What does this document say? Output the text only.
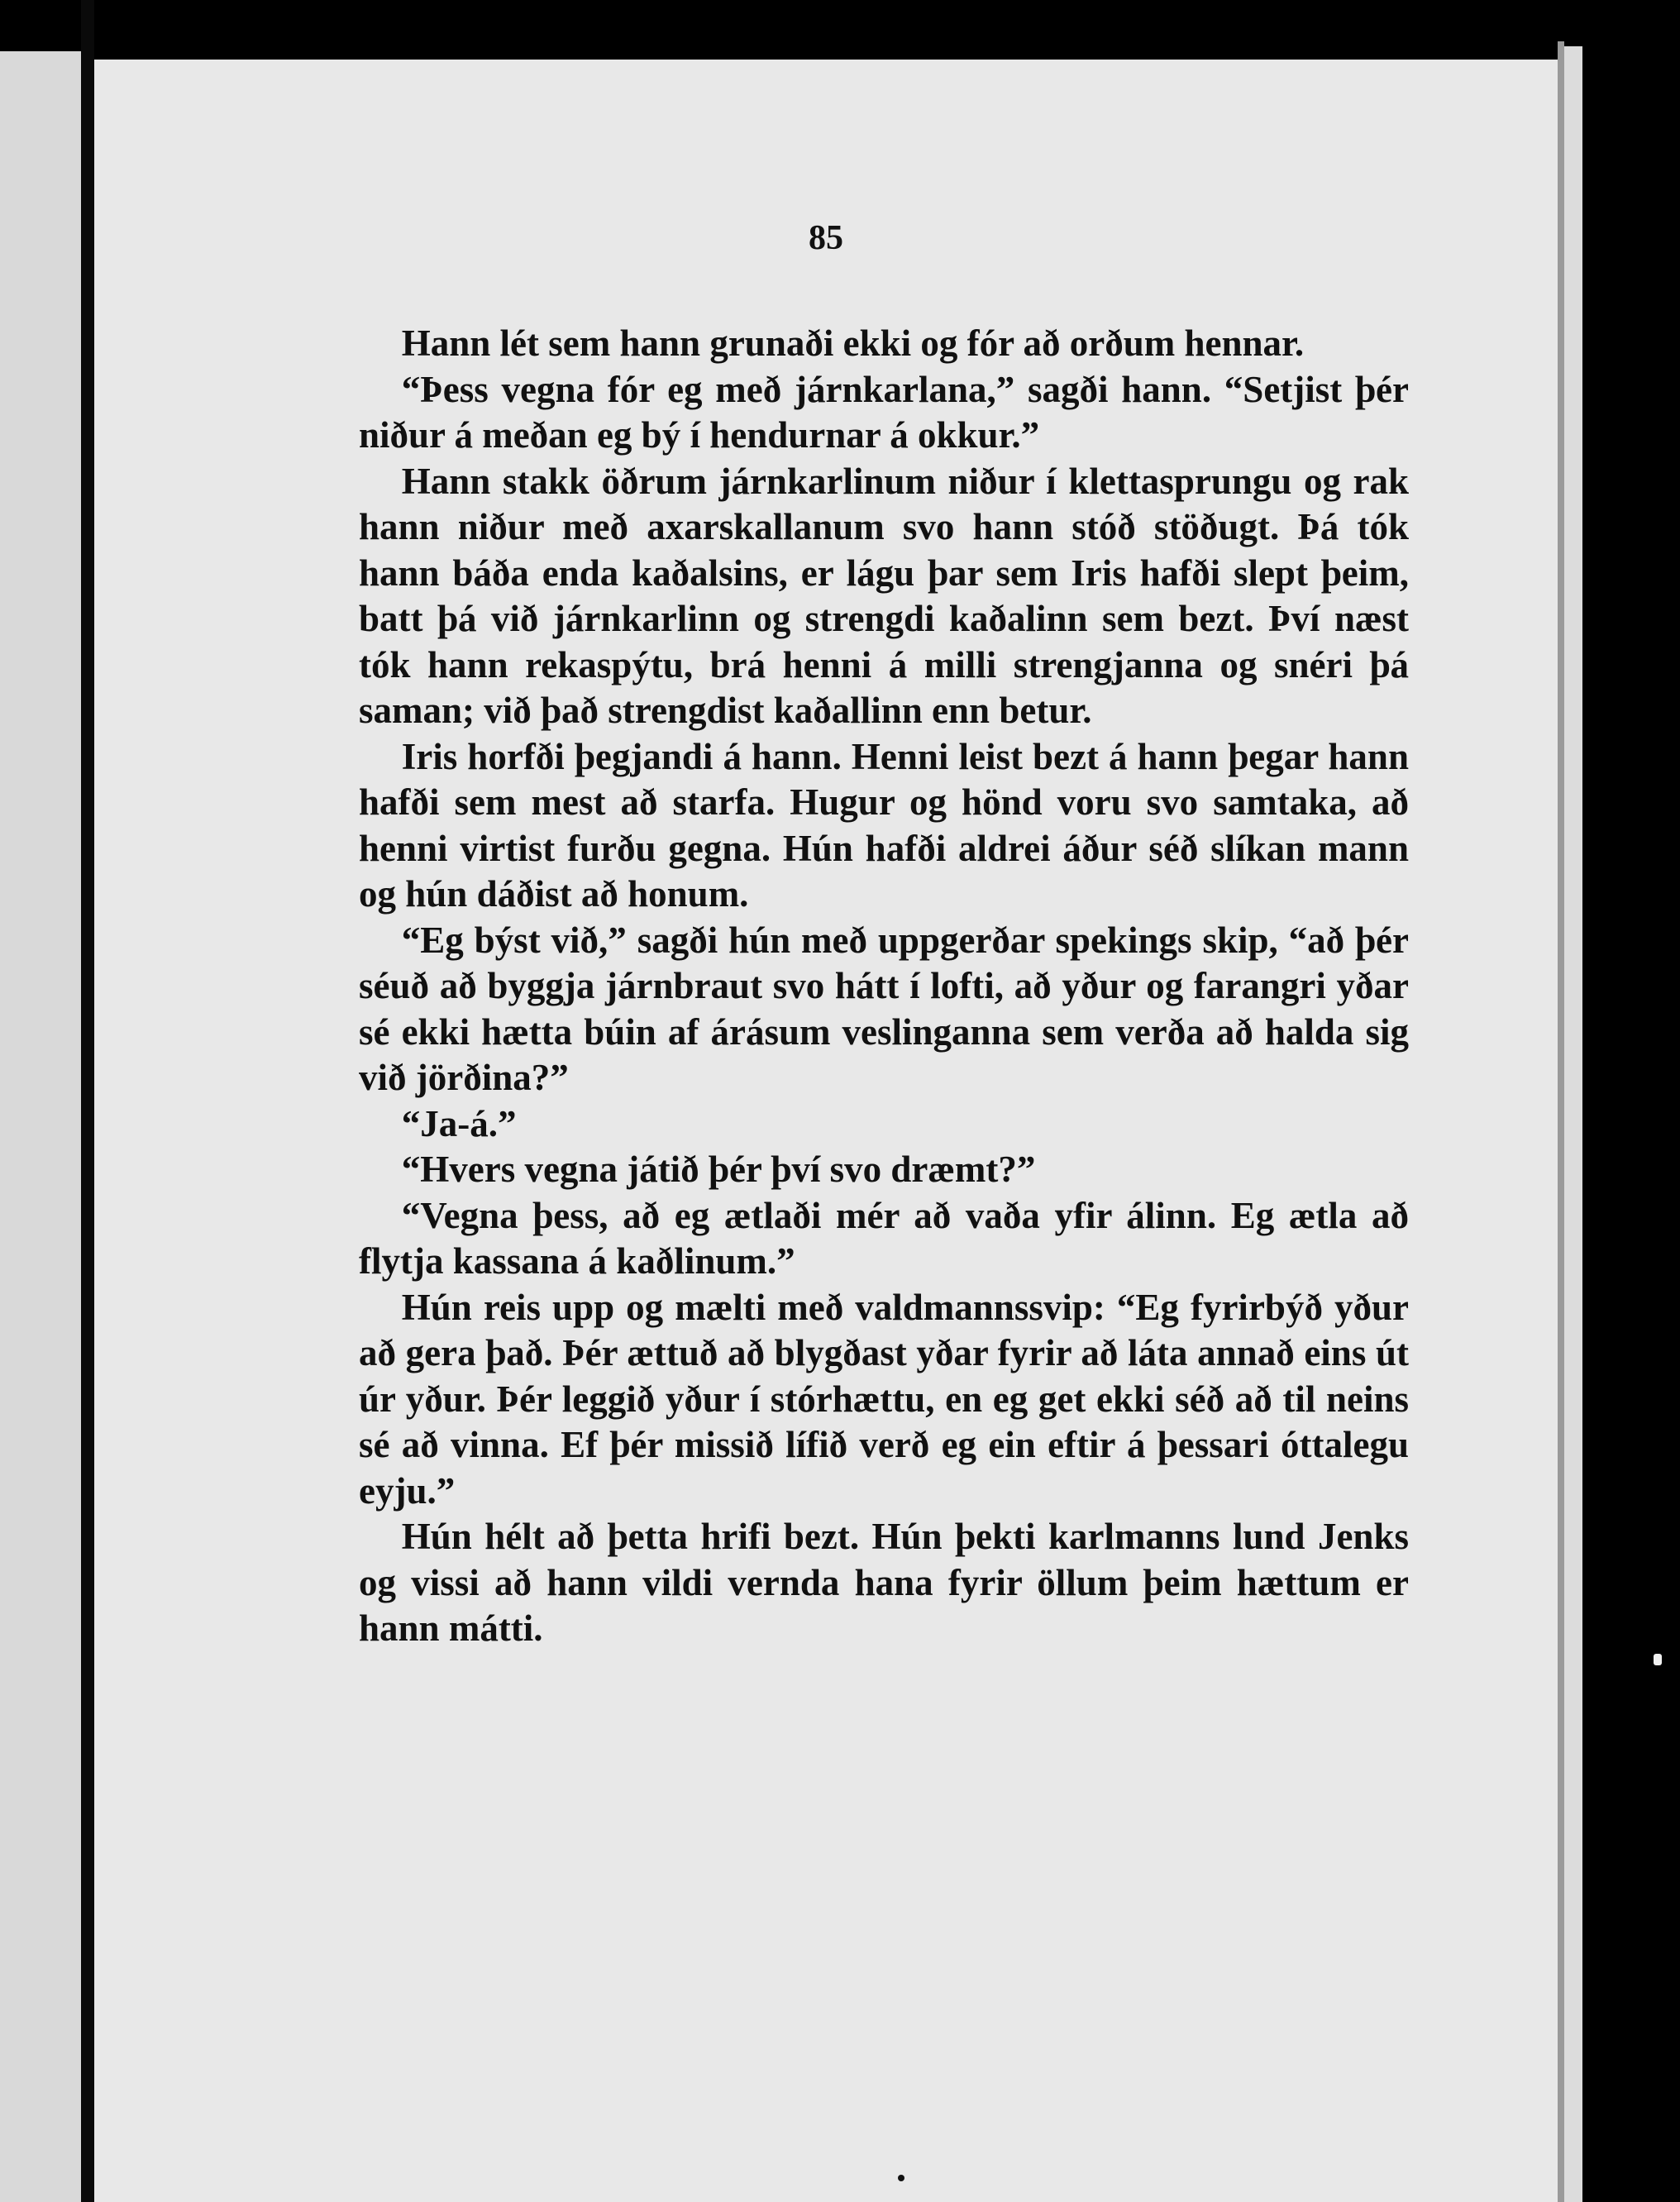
85

Hann lét sem hann grunaði ekki og fór að orðum hennar.

“Þess vegna fór eg með járnkarlana,” sagði hann. “Setjist þér niður á meðan eg bý í hendurnar á okkur.”

Hann stakk öðrum járnkarlinum niður í klettasprungu og rak hann niður með axarskallanum svo hann stóð stöðugt. Þá tók hann báða enda kaðalsins, er lágu þar sem Iris hafði slept þeim, batt þá við járnkarlinn og strengdi kaðalinn sem bezt. Því næst tók hann rekaspýtu, brá henni á milli strengjanna og snéri þá saman; við það strengdist kaðallinn enn betur.

Iris horfði þegjandi á hann. Henni leist bezt á hann þegar hann hafði sem mest að starfa. Hugur og hönd voru svo samtaka, að henni virtist furðu gegna. Hún hafði aldrei áður séð slíkan mann og hún dáðist að honum.

“Eg býst við,” sagði hún með uppgerðar spekings skip, “að þér séuð að byggja járnbraut svo hátt í lofti, að yður og farangri yðar sé ekki hætta búin af árásum veslinganna sem verða að halda sig við jörðina?”

“Ja-á.”

“Hvers vegna játið þér því svo dræmt?”

“Vegna þess, að eg ætlaði mér að vaða yfir álinn. Eg ætla að flytja kassana á kaðlinum.”

Hún reis upp og mælti með valdmannssvip: “Eg fyrirbýð yður að gera það. Þér ættuð að blygðast yðar fyrir að láta annað eins út úr yður. Þér leggið yður í stórhættu, en eg get ekki séð að til neins sé að vinna. Ef þér missið lífið verð eg ein eftir á þessari óttalegu eyju.”

Hún hélt að þetta hrifi bezt. Hún þekti karlmanns lund Jenks og vissi að hann vildi vernda hana fyrir öllum þeim hættum er hann mátti.
